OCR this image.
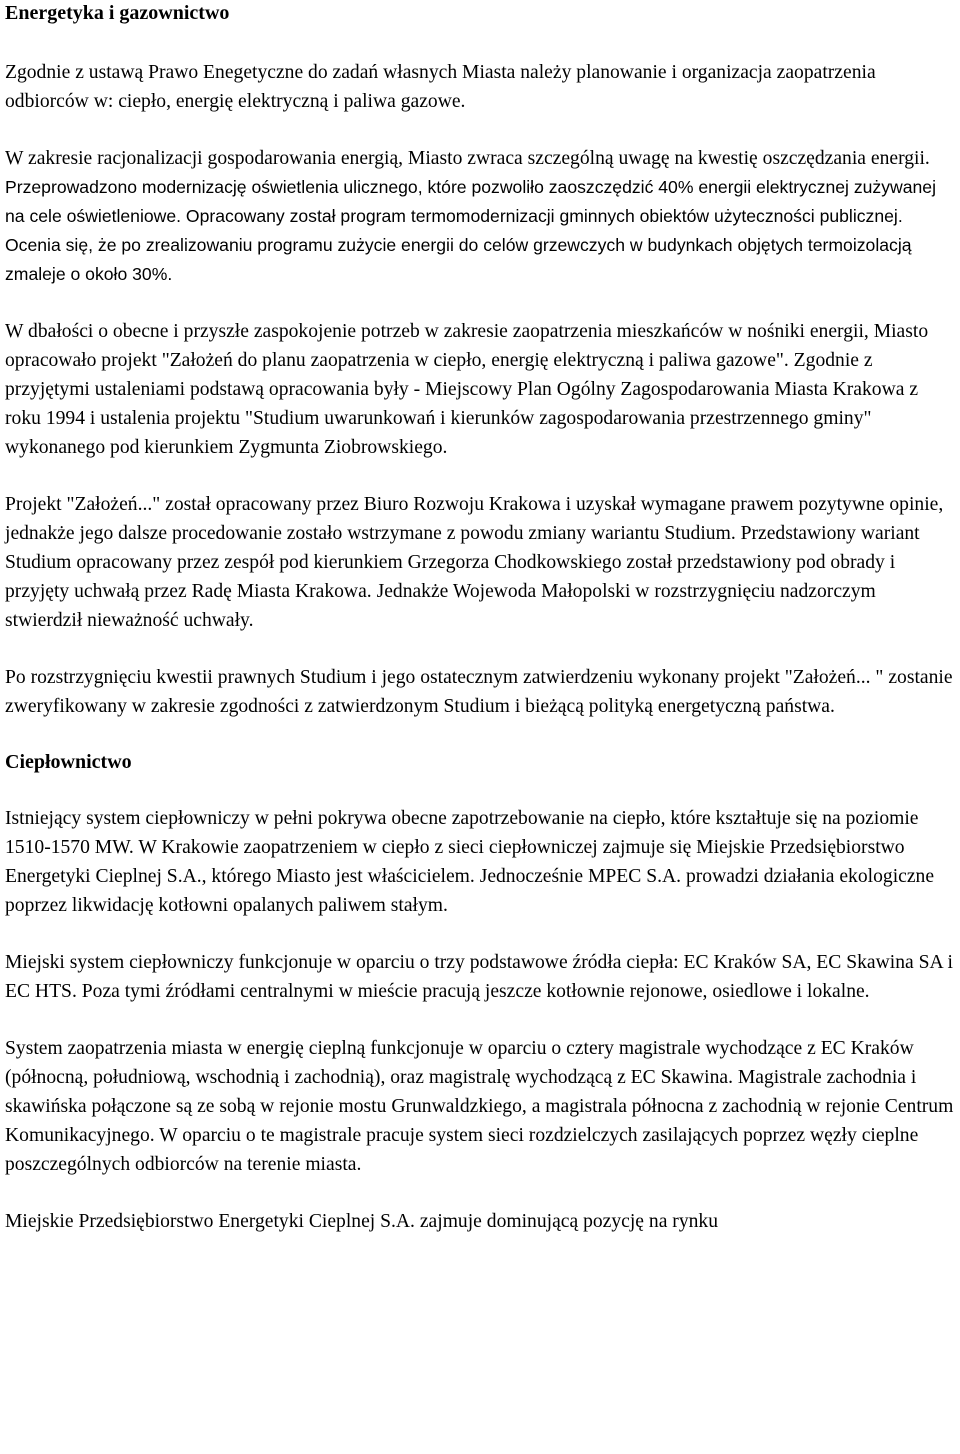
Energetyka i gazownictwo

Zgodnie z ustawą Prawo Enegetyczne do zadań własnych Miasta należy planowanie i organizacja zaopatrzenia odbiorców w: ciepło, energię elektryczną i paliwa gazowe.

W zakresie racjonalizacji gospodarowania energią, Miasto zwraca szczególną uwagę na kwestię oszczędzania energii. Przeprowadzono modernizację oświetlenia ulicznego, które pozwoliło zaoszczędzić 40% energii elektrycznej zużywanej na cele oświetleniowe. Opracowany został program termomodernizacji gminnych obiektów użyteczności publicznej. Ocenia się, że po zrealizowaniu programu zużycie energii do celów grzewczych w budynkach objętych termoizolacją zmaleje o około 30%.

W dbałości o obecne i przyszłe zaspokojenie potrzeb w zakresie zaopatrzenia mieszkańców w nośniki energii, Miasto opracowało projekt "Założeń do planu zaopatrzenia w ciepło, energię elektryczną i paliwa gazowe". Zgodnie z przyjętymi ustaleniami podstawą opracowania były - Miejscowy Plan Ogólny Zagospodarowania Miasta Krakowa z roku 1994 i ustalenia projektu "Studium uwarunkowań i kierunków zagospodarowania przestrzennego gminy" wykonanego pod kierunkiem Zygmunta Ziobrowskiego.

Projekt "Założeń..." został opracowany przez Biuro Rozwoju Krakowa i uzyskał wymagane prawem pozytywne opinie, jednakże jego dalsze procedowanie zostało wstrzymane z powodu zmiany wariantu Studium. Przedstawiony wariant Studium opracowany przez zespół pod kierunkiem Grzegorza Chodkowskiego został przedstawiony pod obrady i przyjęty uchwałą przez Radę Miasta Krakowa. Jednakże Wojewoda Małopolski w rozstrzygnięciu nadzorczym stwierdził nieważność uchwały.

Po rozstrzygnięciu kwestii prawnych Studium i jego ostatecznym zatwierdzeniu wykonany projekt "Założeń... " zostanie zweryfikowany w zakresie zgodności z zatwierdzonym Studium i bieżącą polityką energetyczną państwa.

Ciepłownictwo

Istniejący system ciepłowniczy w pełni pokrywa obecne zapotrzebowanie na ciepło, które kształtuje się na poziomie 1510-1570 MW. W Krakowie zaopatrzeniem w ciepło z sieci ciepłowniczej zajmuje się Miejskie Przedsiębiorstwo Energetyki Cieplnej S.A., którego Miasto jest właścicielem. Jednocześnie MPEC S.A. prowadzi działania ekologiczne poprzez likwidację kotłowni opalanych paliwem stałym.

Miejski system ciepłowniczy funkcjonuje w oparciu o trzy podstawowe źródła ciepła: EC Kraków SA, EC Skawina SA i EC HTS. Poza tymi źródłami centralnymi w mieście pracują jeszcze kotłownie rejonowe, osiedlowe i lokalne.

System zaopatrzenia miasta w energię cieplną funkcjonuje w oparciu o cztery magistrale wychodzące z EC Kraków (północną, południową, wschodnią i zachodnią), oraz magistralę wychodzącą z EC Skawina. Magistrale zachodnia i skawińska połączone są ze sobą w rejonie mostu Grunwaldzkiego, a magistrala północna z zachodnią w rejonie Centrum Komunikacyjnego. W oparciu o te magistrale pracuje system sieci rozdzielczych zasilających poprzez węzły cieplne poszczególnych odbiorców na terenie miasta.

Miejskie Przedsiębiorstwo Energetyki Cieplnej S.A. zajmuje dominującą pozycję na rynku
